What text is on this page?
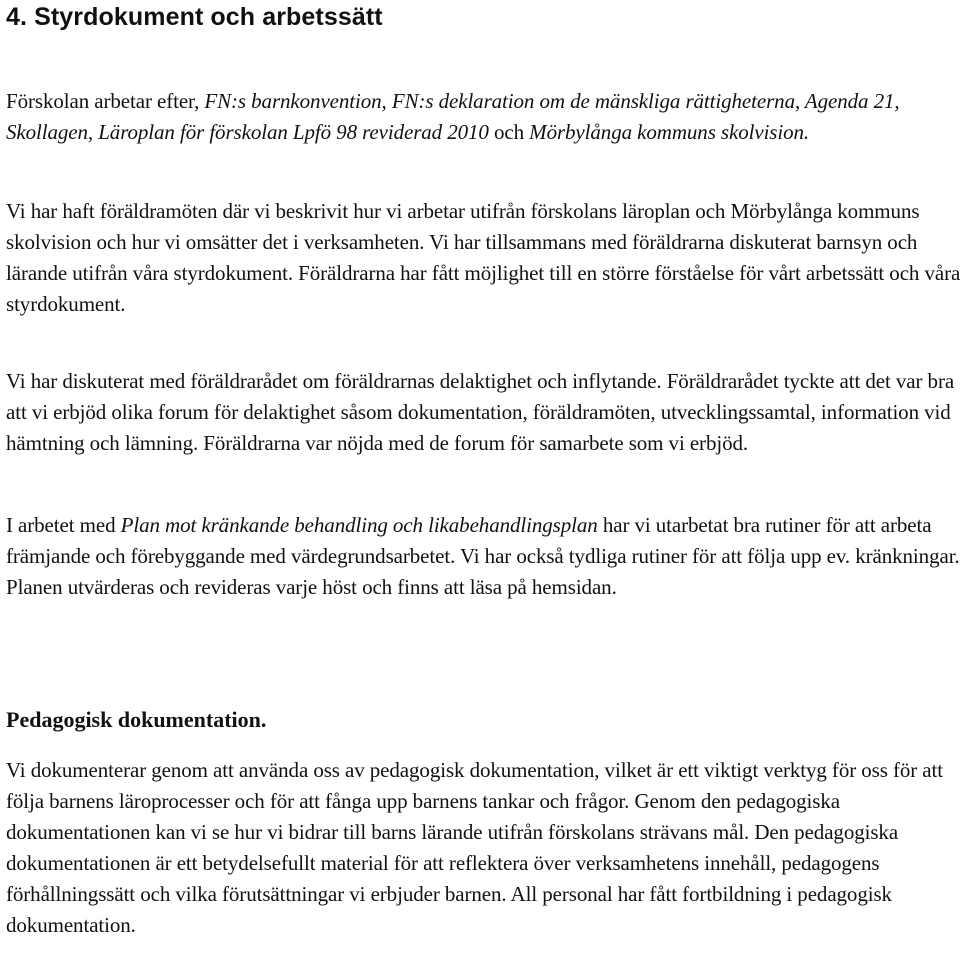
4. Styrdokument och arbetssätt

Förskolan arbetar efter, FN:s barnkonvention, FN:s deklaration om de mänskliga rättigheterna, Agenda 21, Skollagen, Läroplan för förskolan Lpfö 98 reviderad 2010 och Mörbylånga kommuns skolvision.

Vi har haft föräldramöten där vi beskrivit hur vi arbetar utifrån förskolans läroplan och Mörbylånga kommuns skolvision och hur vi omsätter det i verksamheten. Vi har tillsammans med föräldrarna diskuterat barnsyn och lärande utifrån våra styrdokument. Föräldrarna har fått möjlighet till en större förståelse för vårt arbetssätt och våra styrdokument.

Vi har diskuterat med föräldrarådet om föräldrarnas delaktighet och inflytande. Föräldrarådet tyckte att det var bra att vi erbjöd olika forum för delaktighet såsom dokumentation, föräldramöten, utvecklingssamtal, information vid hämtning och lämning. Föräldrarna var nöjda med de forum för samarbete som vi erbjöd.

I arbetet med Plan mot kränkande behandling och likabehandlingsplan har vi utarbetat bra rutiner för att arbeta främjande och förebyggande med värdegrundsarbetet. Vi har också tydliga rutiner för att följa upp ev. kränkningar. Planen utvärderas och revideras varje höst och finns att läsa på hemsidan.

Pedagogisk dokumentation.

Vi dokumenterar genom att använda oss av pedagogisk dokumentation, vilket är ett viktigt verktyg för oss för att följa barnens läroprocesser och för att fånga upp barnens tankar och frågor. Genom den pedagogiska dokumentationen kan vi se hur vi bidrar till barns lärande utifrån förskolans strävans mål. Den pedagogiska dokumentationen är ett betydelsefullt material för att reflektera över verksamhetens innehåll, pedagogens förhållningssätt och vilka förutsättningar vi erbjuder barnen. All personal har fått fortbildning i pedagogisk dokumentation.
